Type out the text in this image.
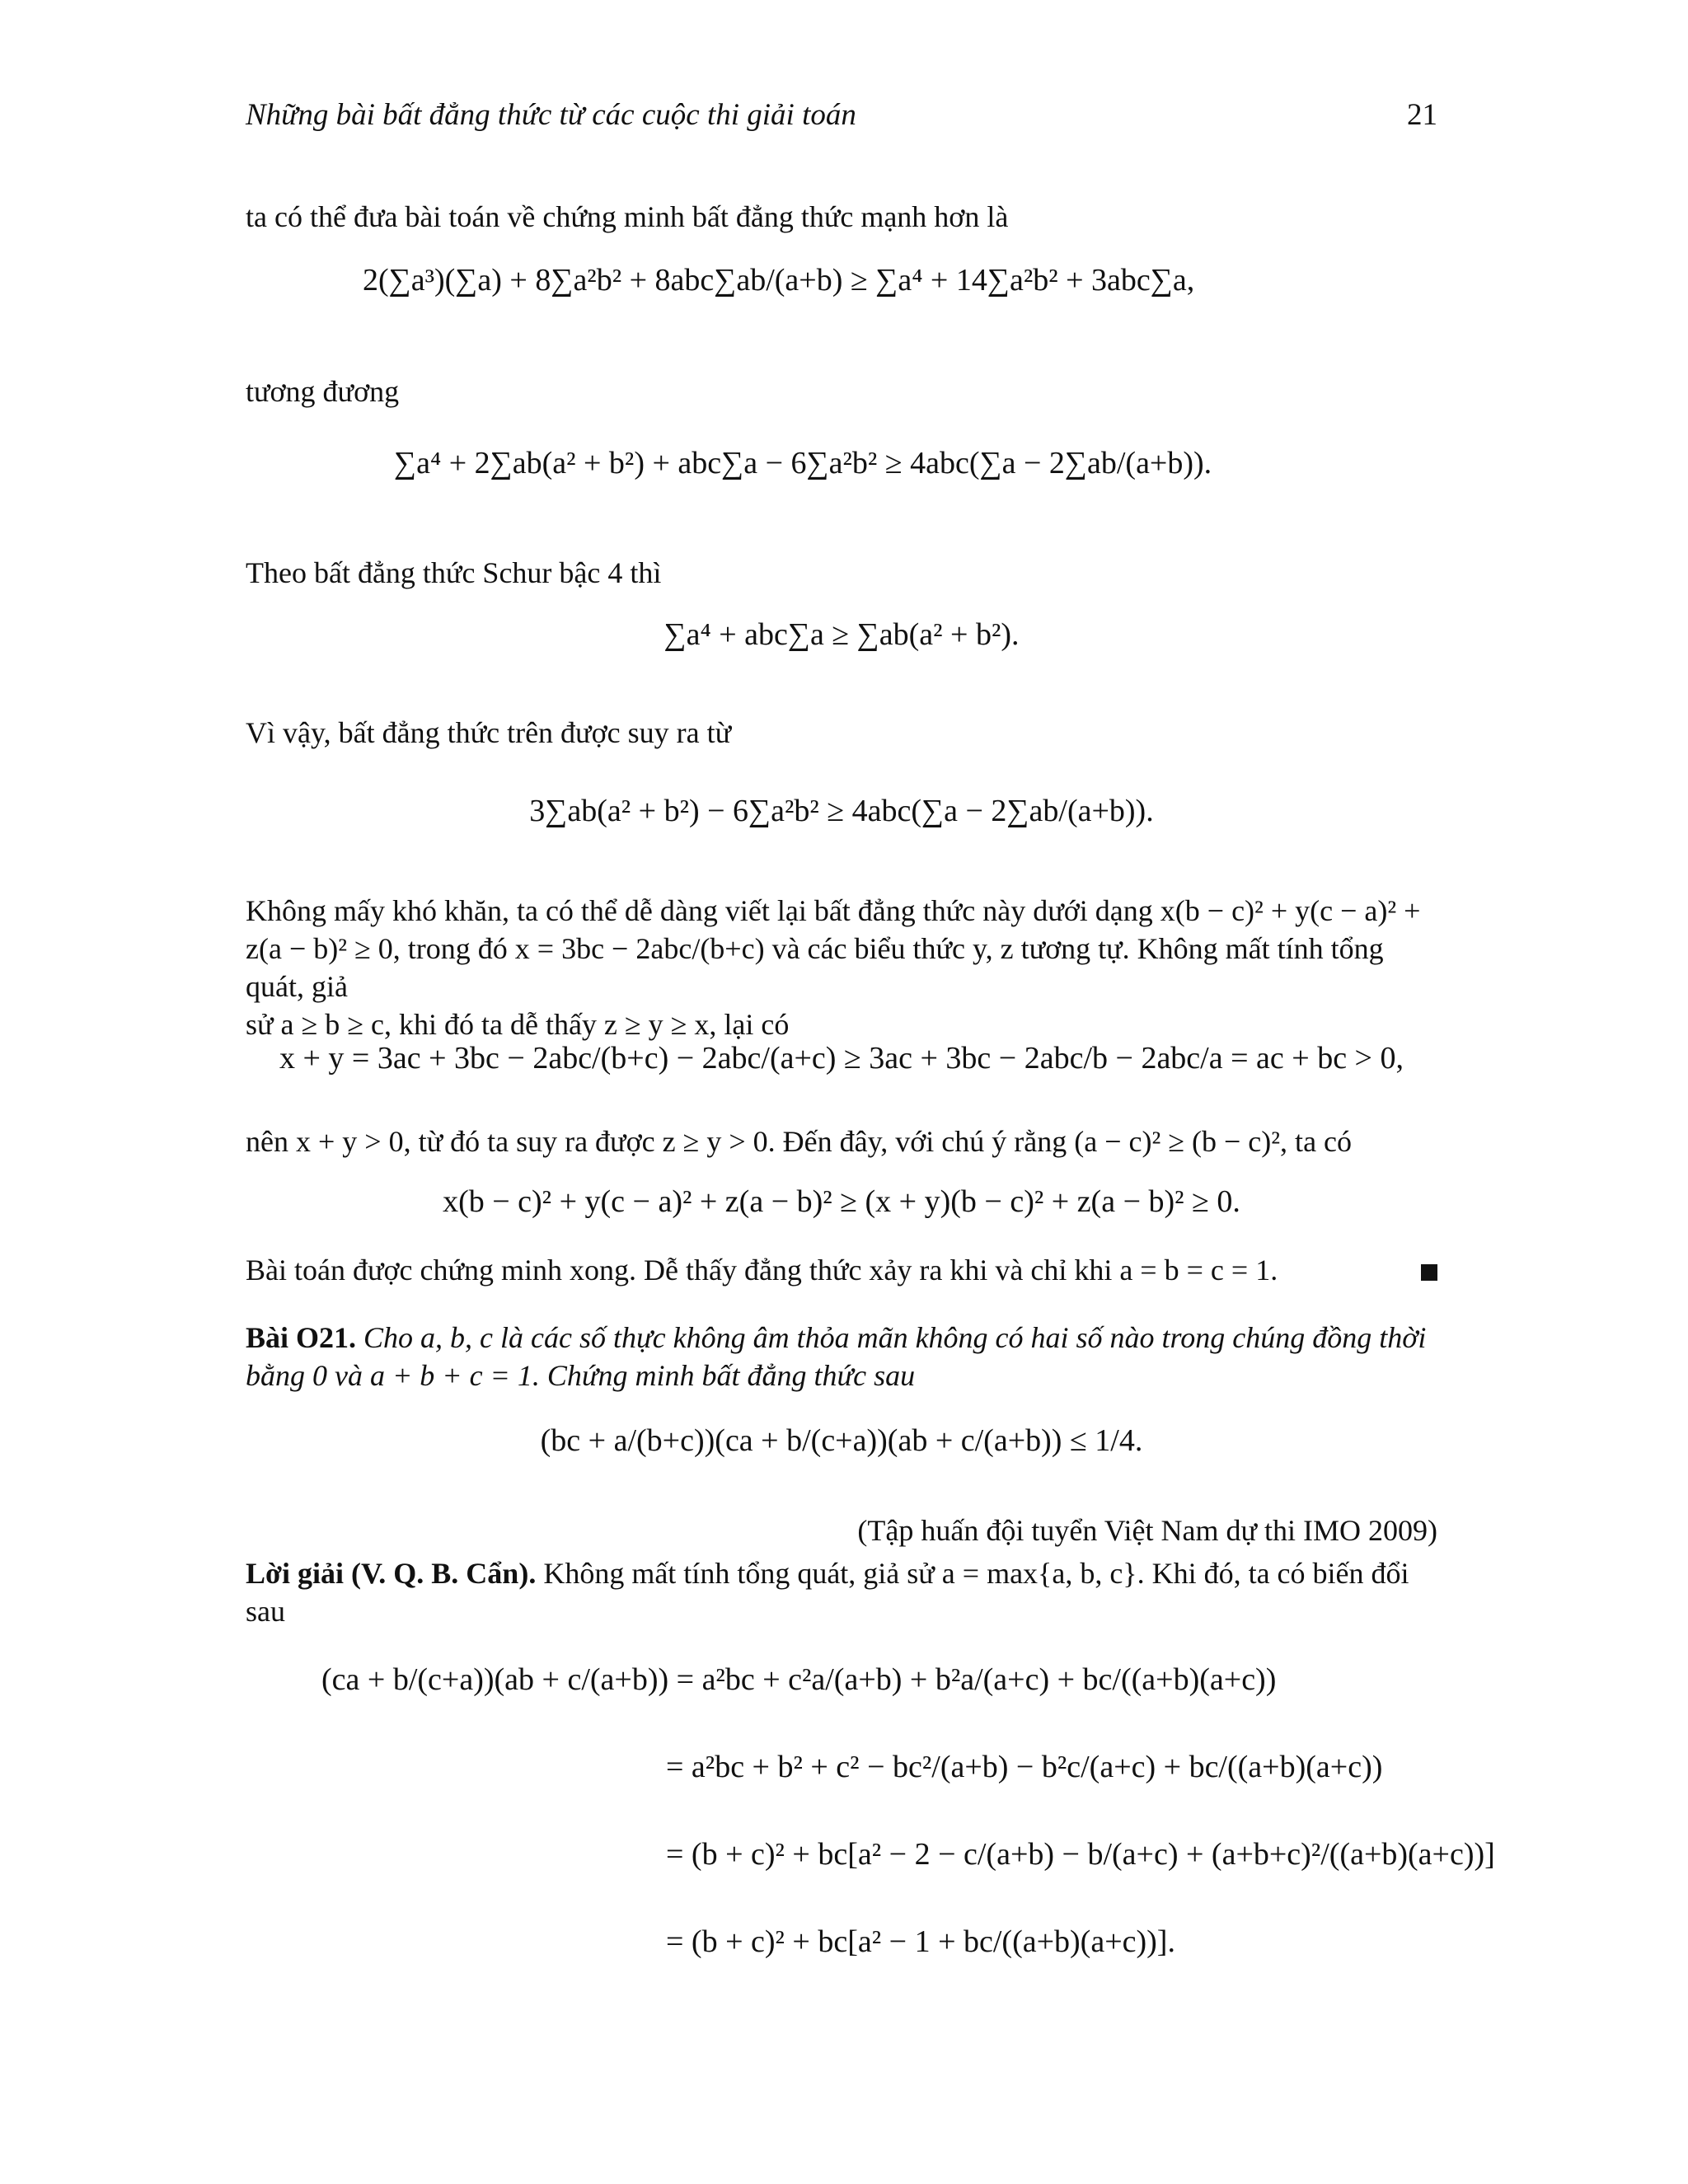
Những bài bất đẳng thức từ các cuộc thi giải toán	21
ta có thể đưa bài toán về chứng minh bất đẳng thức mạnh hơn là
2(∑a³)(∑a) + 8∑a²b² + 8abc∑ab/(a+b) ≥ ∑a⁴ + 14∑a²b² + 3abc∑a,
tương đương
∑a⁴ + 2∑ab(a² + b²) + abc∑a − 6∑a²b² ≥ 4abc(∑a − 2∑ab/(a+b)).
Theo bất đẳng thức Schur bậc 4 thì
∑a⁴ + abc∑a ≥ ∑ab(a² + b²).
Vì vậy, bất đẳng thức trên được suy ra từ
3∑ab(a² + b²) − 6∑a²b² ≥ 4abc(∑a − 2∑ab/(a+b)).
Không mấy khó khăn, ta có thể dễ dàng viết lại bất đẳng thức này dưới dạng x(b − c)² + y(c − a)² +
z(a − b)² ≥ 0, trong đó x = 3bc − 2abc/(b+c) và các biểu thức y, z tương tự. Không mất tính tổng quát, giả
sử a ≥ b ≥ c, khi đó ta dễ thấy z ≥ y ≥ x, lại có
x + y = 3ac + 3bc − 2abc/(b+c) − 2abc/(a+c) ≥ 3ac + 3bc − 2abc/b − 2abc/a = ac + bc > 0,
nên x + y > 0, từ đó ta suy ra được z ≥ y > 0. Đến đây, với chú ý rằng (a − c)² ≥ (b − c)², ta có
x(b − c)² + y(c − a)² + z(a − b)² ≥ (x + y)(b − c)² + z(a − b)² ≥ 0.
Bài toán được chứng minh xong. Dễ thấy đẳng thức xảy ra khi và chỉ khi a = b = c = 1.
Bài O21. Cho a, b, c là các số thực không âm thỏa mãn không có hai số nào trong chúng đồng thời
bằng 0 và a + b + c = 1. Chứng minh bất đẳng thức sau
(bc + a/(b+c))(ca + b/(c+a))(ab + c/(a+b)) ≤ 1/4.
(Tập huấn đội tuyển Việt Nam dự thi IMO 2009)
Lời giải (V. Q. B. Cẩn). Không mất tính tổng quát, giả sử a = max{a, b, c}. Khi đó, ta có biến đổi
sau
(ca + b/(c+a))(ab + c/(a+b)) = a²bc + c²a/(a+b) + b²a/(a+c) + bc/((a+b)(a+c))
= a²bc + b² + c² − bc²/(a+b) − b²c/(a+c) + bc/((a+b)(a+c))
= (b + c)² + bc[a² − 2 − c/(a+b) − b/(a+c) + (a+b+c)²/((a+b)(a+c))]
= (b + c)² + bc[a² − 1 + bc/((a+b)(a+c))].
